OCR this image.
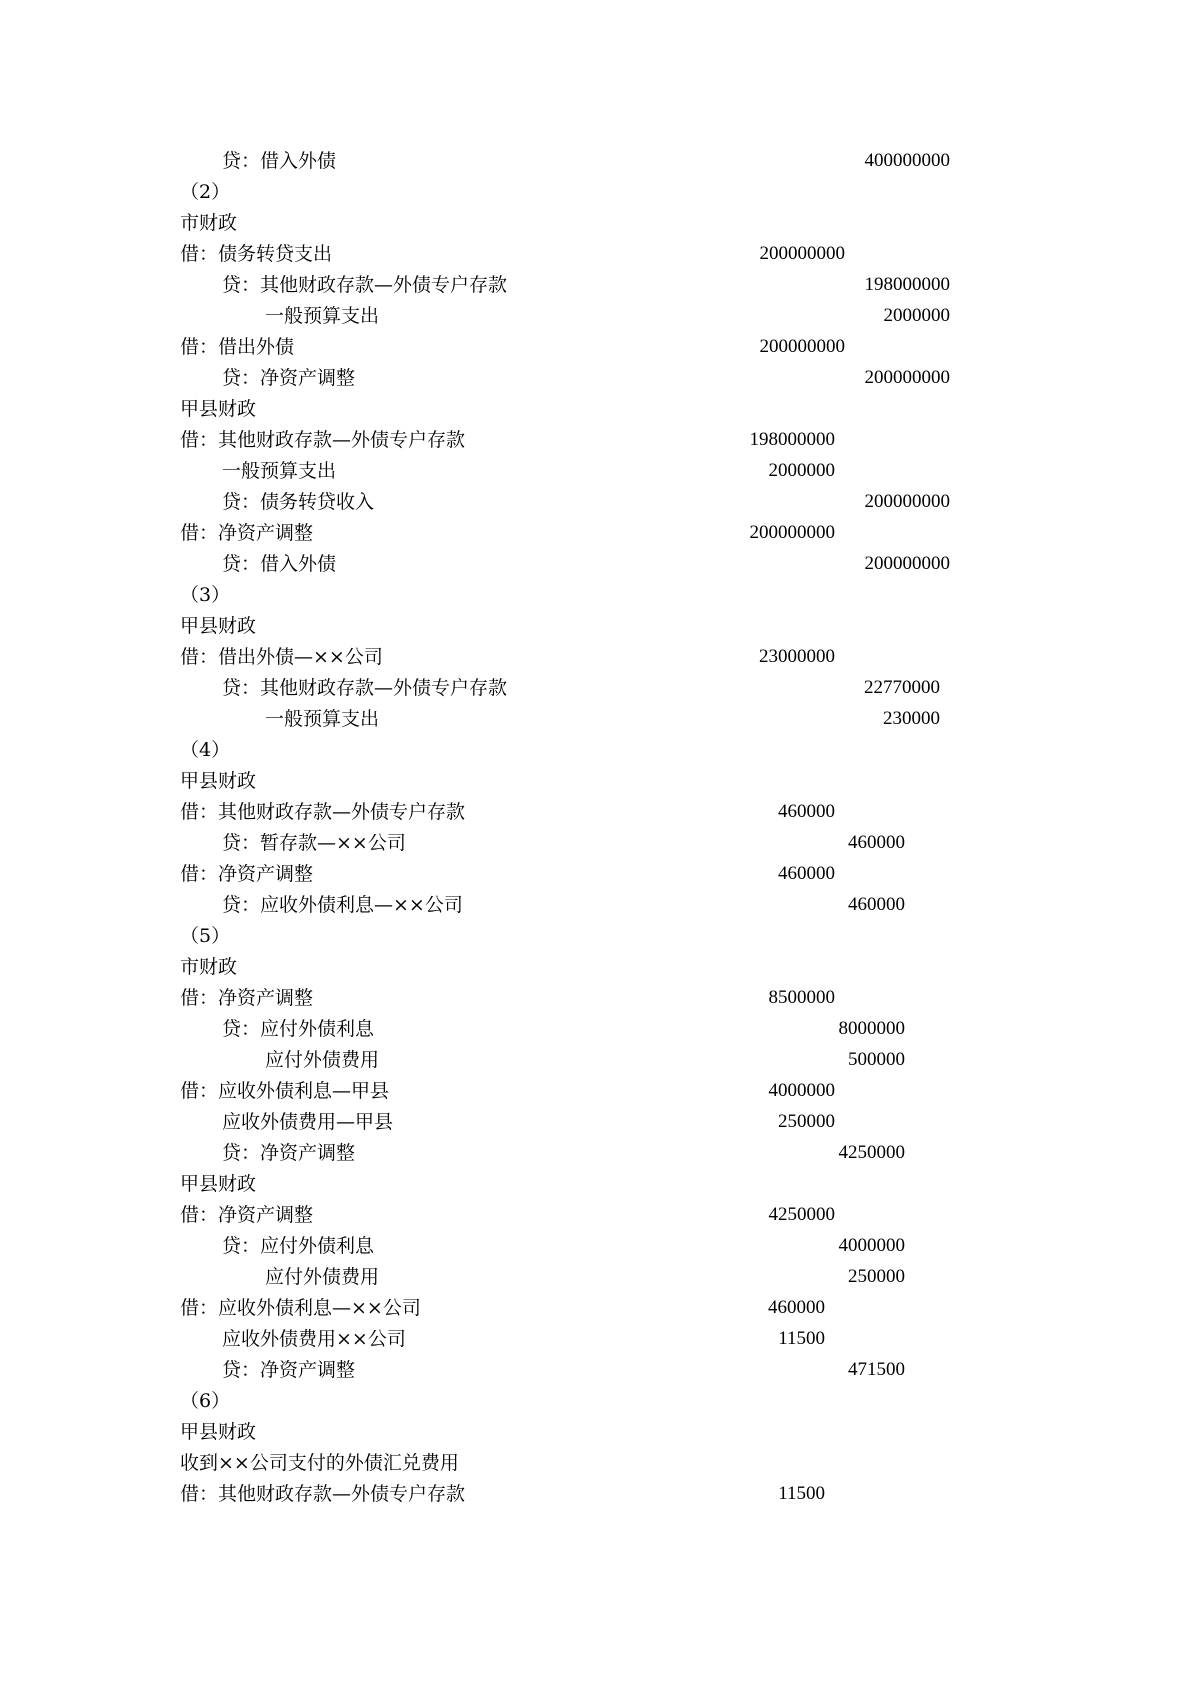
贷：借入外债	400000000
（2）
市财政
借：债务转贷支出	200000000
贷：其他财政存款—外债专户存款	198000000
一般预算支出	2000000
借：借出外债	200000000
贷：净资产调整	200000000
甲县财政
借：其他财政存款—外债专户存款	198000000
一般预算支出	2000000
贷：债务转贷收入	200000000
借：净资产调整	200000000
贷：借入外债	200000000
（3）
甲县财政
借：借出外债—××公司	23000000
贷：其他财政存款—外债专户存款	22770000
一般预算支出	230000
（4）
甲县财政
借：其他财政存款—外债专户存款	460000
贷：暂存款—××公司	460000
借：净资产调整	460000
贷：应收外债利息—××公司	460000
（5）
市财政
借：净资产调整	8500000
贷：应付外债利息	8000000
应付外债费用	500000
借：应收外债利息—甲县	4000000
应收外债费用—甲县	250000
贷：净资产调整	4250000
甲县财政
借：净资产调整	4250000
贷：应付外债利息	4000000
应付外债费用	250000
借：应收外债利息—××公司	460000
应收外债费用××公司	11500
贷：净资产调整	471500
（6）
甲县财政
收到××公司支付的外债汇兑费用
借：其他财政存款—外债专户存款	11500
